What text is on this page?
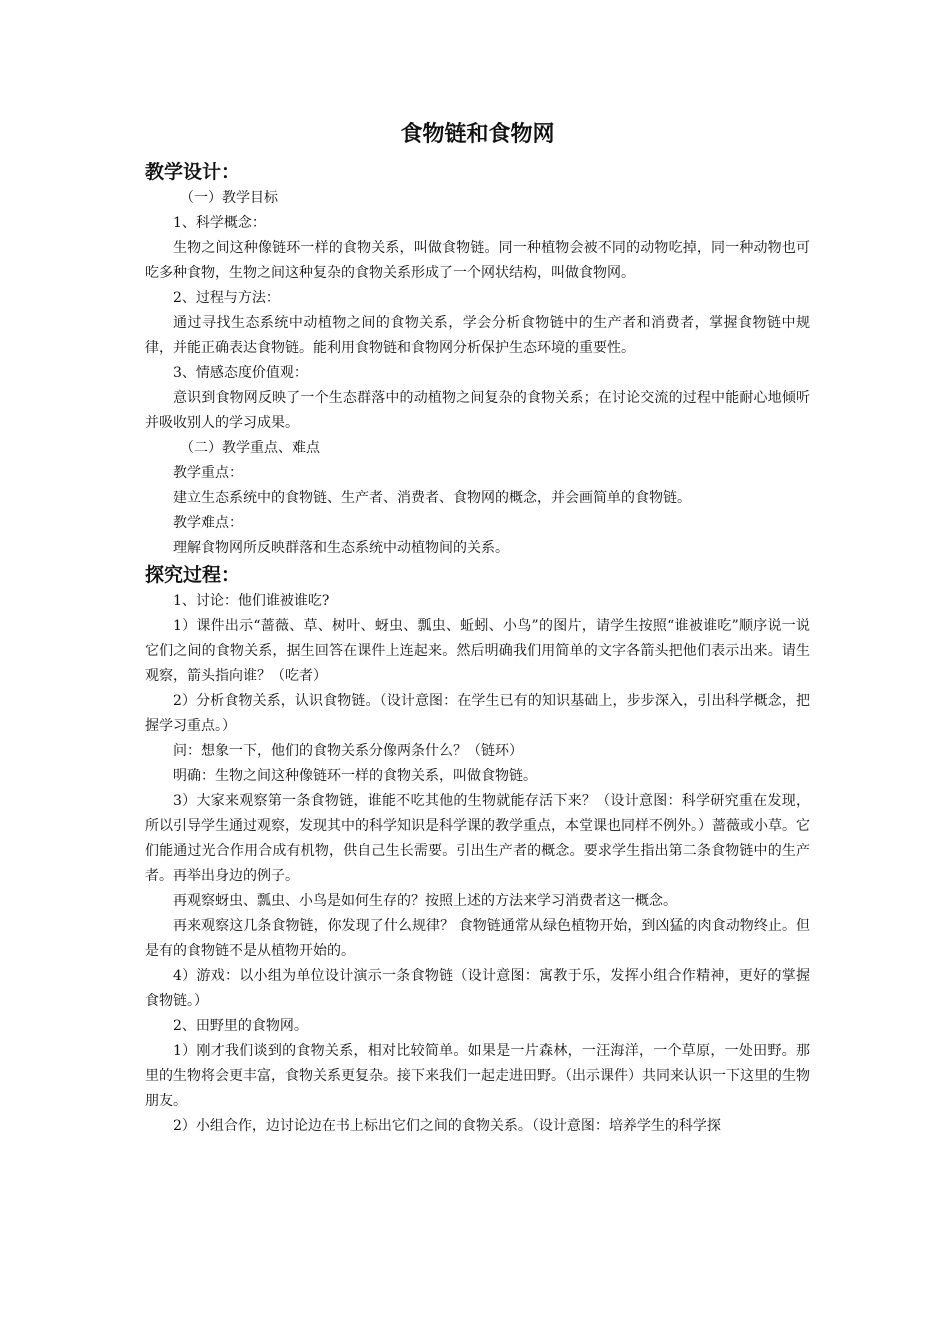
食物链和食物网
教学设计：

（一）教学目标

1、科学概念：

生物之间这种像链环一样的食物关系，叫做食物链。同一种植物会被不同的动物吃掉，同一种动物也可吃多种食物，生物之间这种复杂的食物关系形成了一个网状结构，叫做食物网。

2、过程与方法：

通过寻找生态系统中动植物之间的食物关系，学会分析食物链中的生产者和消费者，掌握食物链中规律，并能正确表达食物链。能利用食物链和食物网分析保护生态环境的重要性。

3、情感态度价值观：

意识到食物网反映了一个生态群落中的动植物之间复杂的食物关系；在讨论交流的过程中能耐心地倾听并吸收别人的学习成果。

（二）教学重点、难点

教学重点：

建立生态系统中的食物链、生产者、消费者、食物网的概念，并会画简单的食物链。

教学难点：

理解食物网所反映群落和生态系统中动植物间的关系。

探究过程：

1、讨论：他们谁被谁吃?

1）课件出示“蔷薇、草、树叶、蚜虫、瓢虫、蚯蚓、小鸟”的图片，请学生按照“谁被谁吃”顺序说一说它们之间的食物关系，据生回答在课件上连起来。然后明确我们用简单的文字各箭头把他们表示出来。请生观察，箭头指向谁？（吃者）

2）分析食物关系，认识食物链。（设计意图：在学生已有的知识基础上，步步深入，引出科学概念，把握学习重点。）

问：想象一下，他们的食物关系分像两条什么？（链环）

明确：生物之间这种像链环一样的食物关系，叫做食物链。

3）大家来观察第一条食物链，谁能不吃其他的生物就能存活下来？（设计意图：科学研究重在发现，所以引导学生通过观察，发现其中的科学知识是科学课的教学重点，本堂课也同样不例外。）蔷薇或小草。它们能通过光合作用合成有机物，供自己生长需要。引出生产者的概念。要求学生指出第二条食物链中的生产者。再举出身边的例子。

再观察蚜虫、瓢虫、小鸟是如何生存的？按照上述的方法来学习消费者这一概念。

再来观察这几条食物链，你发现了什么规律？ 食物链通常从绿色植物开始，到凶猛的肉食动物终止。但是有的食物链不是从植物开始的。

4）游戏：以小组为单位设计演示一条食物链（设计意图：寓教于乐，发挥小组合作精神，更好的掌握食物链。）

2、田野里的食物网。

1）刚才我们谈到的食物关系，相对比较简单。如果是一片森林，一汪海洋，一个草原，一处田野。那里的生物将会更丰富，食物关系更复杂。接下来我们一起走进田野。（出示课件）共同来认识一下这里的生物朋友。

2）小组合作，边讨论边在书上标出它们之间的食物关系。（设计意图：培养学生的科学探
